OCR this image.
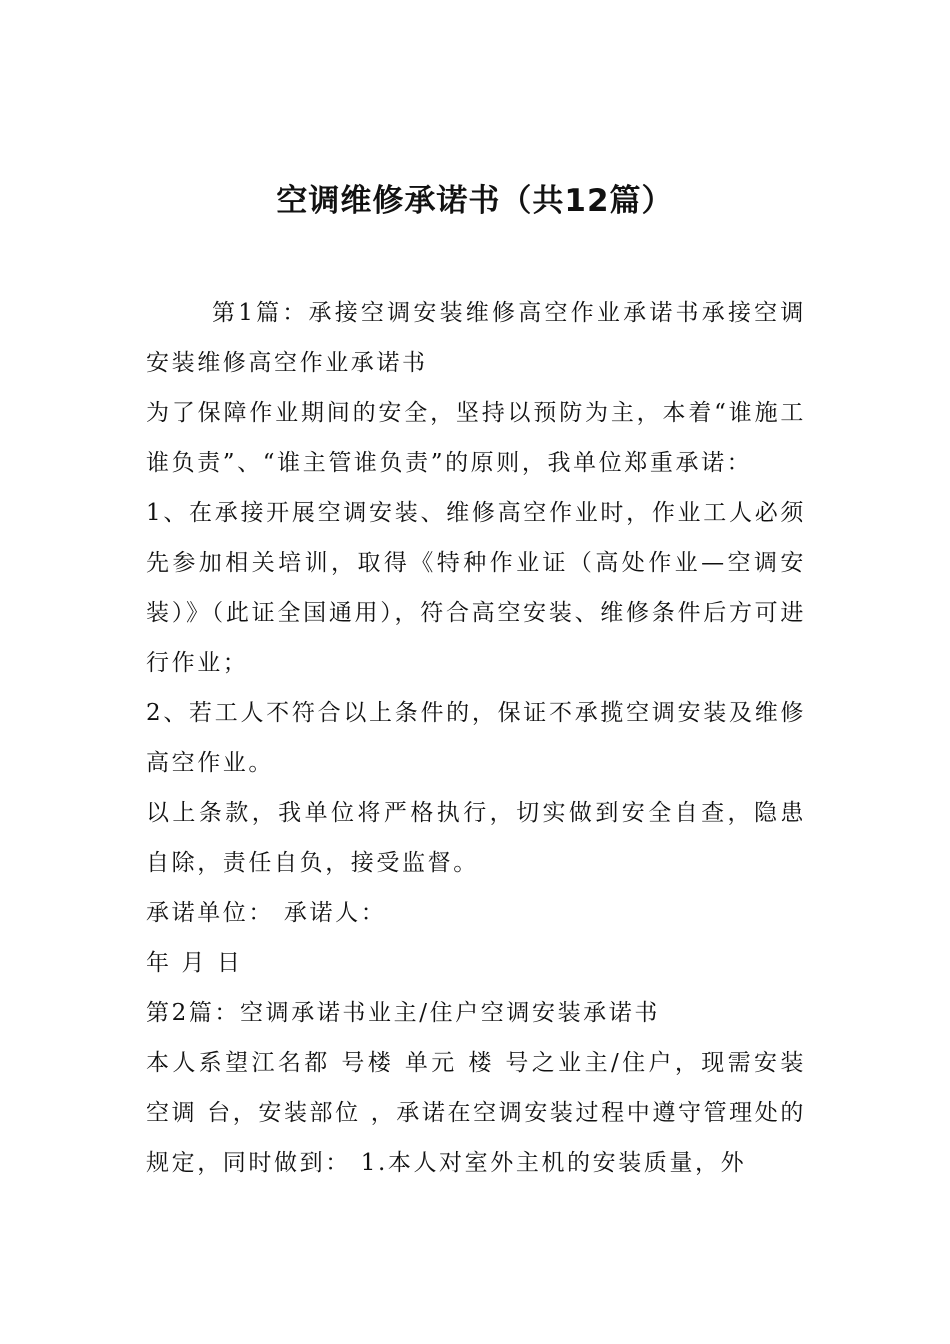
空调维修承诺书（共12篇）

第1篇：承接空调安装维修高空作业承诺书承接空调安装维修高空作业承诺书

为了保障作业期间的安全，坚持以预防为主，本着“谁施工谁负责”、“谁主管谁负责”的原则，我单位郑重承诺：

1、在承接开展空调安装、维修高空作业时，作业工人必须先参加相关培训，取得《特种作业证（高处作业—空调安装）》（此证全国通用），符合高空安装、维修条件后方可进行作业；

2、若工人不符合以上条件的，保证不承揽空调安装及维修高空作业。

以上条款，我单位将严格执行，切实做到安全自查，隐患自除，责任自负，接受监督。

承诺单位： 承诺人：

年 月 日

第2篇：空调承诺书业主/住户空调安装承诺书

本人系望江名都 号楼 单元 楼 号之业主/住户，现需安装空调 台，安装部位 ，承诺在空调安装过程中遵守管理处的规定，同时做到： 1.本人对室外主机的安装质量，外
